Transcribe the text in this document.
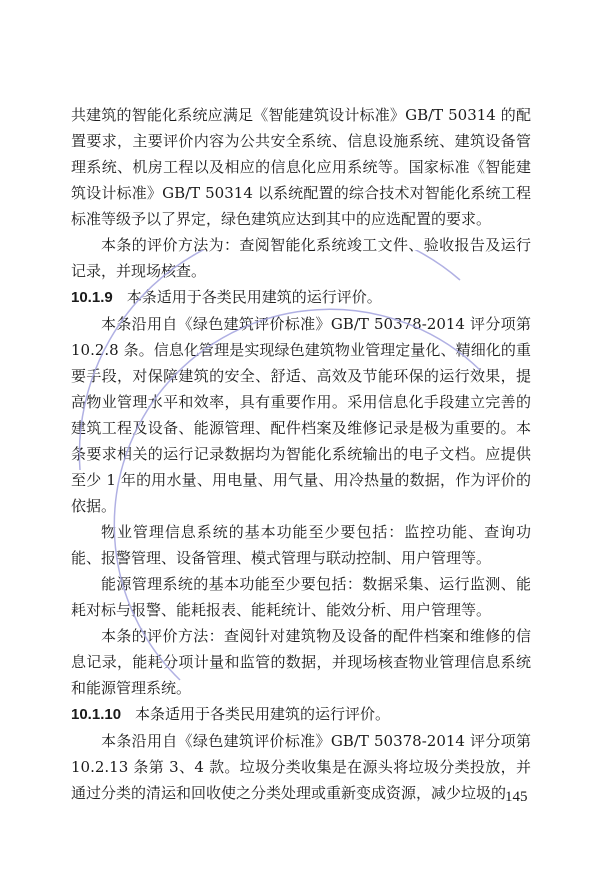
共建筑的智能化系统应满足《智能建筑设计标准》GB/T 50314 的配置要求，主要评价内容为公共安全系统、信息设施系统、建筑设备管理系统、机房工程以及相应的信息化应用系统等。国家标准《智能建筑设计标准》GB/T 50314 以系统配置的综合技术对智能化系统工程标准等级予以了界定，绿色建筑应达到其中的应选配置的要求。

本条的评价方法为：查阅智能化系统竣工文件、验收报告及运行记录，并现场核查。

10.1.9 本条适用于各类民用建筑的运行评价。

本条沿用自《绿色建筑评价标准》GB/T 50378-2014 评分项第 10.2.8 条。信息化管理是实现绿色建筑物业管理定量化、精细化的重要手段，对保障建筑的安全、舒适、高效及节能环保的运行效果，提高物业管理水平和效率，具有重要作用。采用信息化手段建立完善的建筑工程及设备、能源管理、配件档案及维修记录是极为重要的。本条要求相关的运行记录数据均为智能化系统输出的电子文档。应提供至少 1 年的用水量、用电量、用气量、用冷热量的数据，作为评价的依据。

物业管理信息系统的基本功能至少要包括：监控功能、查询功能、报警管理、设备管理、模式管理与联动控制、用户管理等。

能源管理系统的基本功能至少要包括：数据采集、运行监测、能耗对标与报警、能耗报表、能耗统计、能效分析、用户管理等。

本条的评价方法：查阅针对建筑物及设备的配件档案和维修的信息记录，能耗分项计量和监管的数据，并现场核查物业管理信息系统和能源管理系统。

10.1.10 本条适用于各类民用建筑的运行评价。

本条沿用自《绿色建筑评价标准》GB/T 50378-2014 评分项第 10.2.13 条第 3、4 款。垃圾分类收集是在源头将垃圾分类投放，并通过分类的清运和回收使之分类处理或重新变成资源，减少垃圾的

145
